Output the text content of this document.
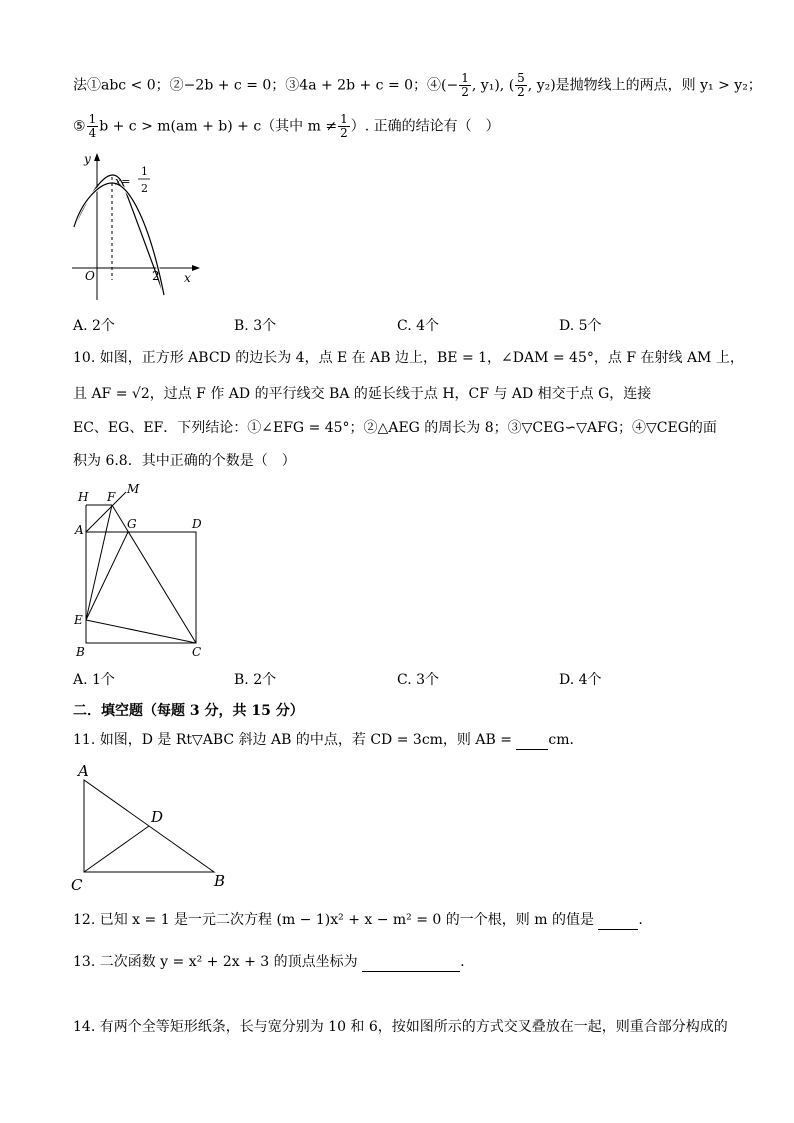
法①abc < 0；②−2b + c = 0；③4a + 2b + c = 0；④(− $\frac{1}{2}$ , y₁), ( $\frac{5}{2}$ , y₂)是抛物线上的两点，则 y₁ > y₂；
⑤ $\frac{1}{4}$ b + c > m(am + b) + c（其中 $m \ne \frac{1}{2}$ ）. 正确的结论有（　）
y
x
O	2
x=
1
2
A. 2个	B. 3个	C. 4个	D. 5个
10. 如图，正方形 ABCD 的边长为 4，点 E 在 AB 边上，BE = 1，∠DAM = 45°，点 F 在射线 AM 上，
且 AF = √2，过点 F 作 AD 的平行线交 BA 的延长线于点 H，CF 与 AD 相交于点 G，连接
EC、EG、EF．下列结论：①∠EFG = 45°；②△AEG 的周长为 8；③▽CEG∽▽AFG；④▽CEG的面
积为 6.8．其中正确的个数是（　）
H F
M
A	G	D
E
B	C
A. 1个	B. 2个	C. 3个	D. 4个
二．填空题（每题 3 分，共 15 分）
11. 如图，D 是 Rt▽ABC 斜边 AB 的中点，若 CD = 3cm，则 AB =	cm.
A
D
C	B
12. 已知 x = 1 是一元二次方程 (m − 1)x² + x − m² = 0 的一个根，则 m 的值是	.
13. 二次函数 y = x² + 2x + 3 的顶点坐标为	.
14. 有两个全等矩形纸条，长与宽分别为 10 和 6，按如图所示的方式交叉叠放在一起，则重合部分构成的
